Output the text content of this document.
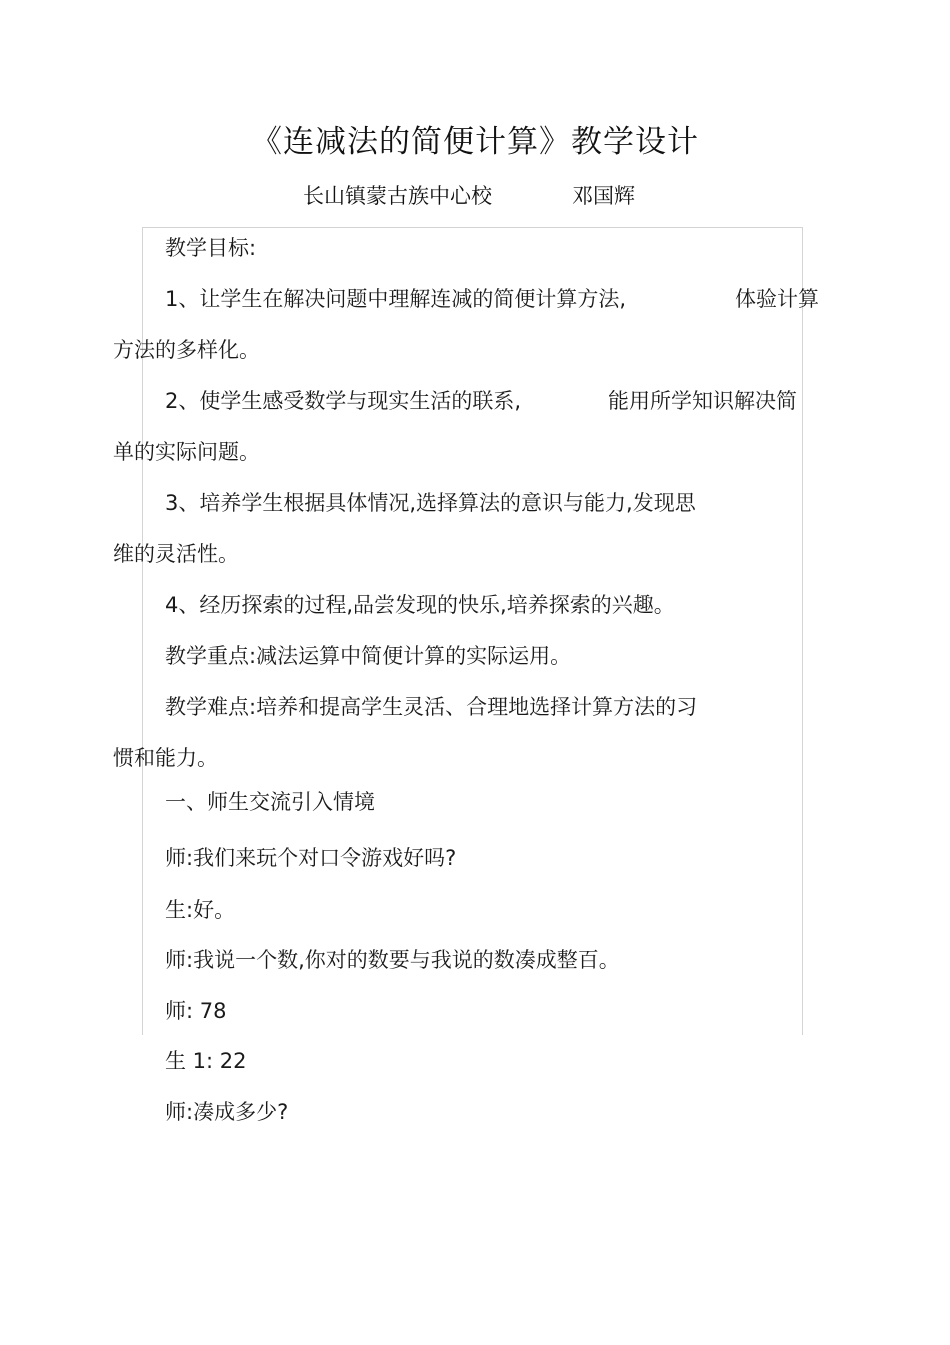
《连减法的简便计算》教学设计
长山镇蒙古族中心校	邓国辉
教学目标:
1、让学生在解决问题中理解连减的简便计算方法,	体验计算
方法的多样化。
2、使学生感受数学与现实生活的联系,	能用所学知识解决简
单的实际问题。
3、培养学生根据具体情况,选择算法的意识与能力,发现思
维的灵活性。
4、经历探索的过程,品尝发现的快乐,培养探索的兴趣。
教学重点:减法运算中简便计算的实际运用。
教学难点:培养和提高学生灵活、合理地选择计算方法的习
惯和能力。
一、师生交流引入情境
师:我们来玩个对口令游戏好吗?
生:好。
师:我说一个数,你对的数要与我说的数凑成整百。
师: 78
生 1: 22
师:凑成多少?
